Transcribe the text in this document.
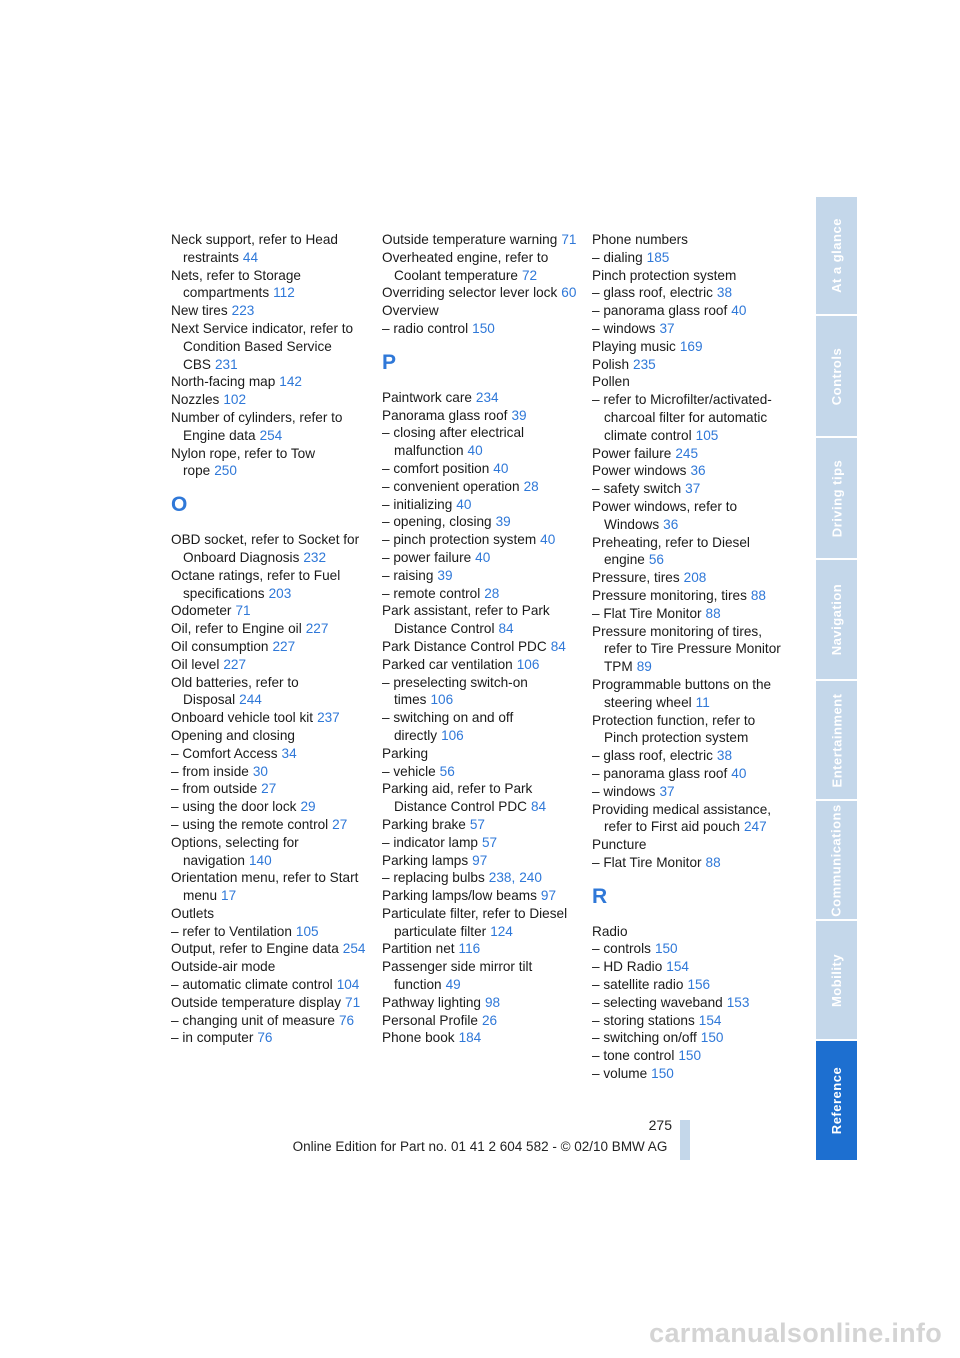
Neck support, refer to Head restraints 44
Nets, refer to Storage compartments 112
New tires 223
Next Service indicator, refer to Condition Based Service CBS 231
North-facing map 142
Nozzles 102
Number of cylinders, refer to Engine data 254
Nylon rope, refer to Tow rope 250
O
OBD socket, refer to Socket for Onboard Diagnosis 232
Octane ratings, refer to Fuel specifications 203
Odometer 71
Oil, refer to Engine oil 227
Oil consumption 227
Oil level 227
Old batteries, refer to Disposal 244
Onboard vehicle tool kit 237
Opening and closing
– Comfort Access 34
– from inside 30
– from outside 27
– using the door lock 29
– using the remote control 27
Options, selecting for navigation 140
Orientation menu, refer to Start menu 17
Outlets
– refer to Ventilation 105
Output, refer to Engine data 254
Outside-air mode
– automatic climate control 104
Outside temperature display 71
– changing unit of measure 76
– in computer 76
Outside temperature warning 71
Overheated engine, refer to Coolant temperature 72
Overriding selector lever lock 60
Overview
– radio control 150
P
Paintwork care 234
Panorama glass roof 39
– closing after electrical malfunction 40
– comfort position 40
– convenient operation 28
– initializing 40
– opening, closing 39
– pinch protection system 40
– power failure 40
– raising 39
– remote control 28
Park assistant, refer to Park Distance Control 84
Park Distance Control PDC 84
Parked car ventilation 106
– preselecting switch-on times 106
– switching on and off directly 106
Parking
– vehicle 56
Parking aid, refer to Park Distance Control PDC 84
Parking brake 57
– indicator lamp 57
Parking lamps 97
– replacing bulbs 238, 240
Parking lamps/low beams 97
Particulate filter, refer to Diesel particulate filter 124
Partition net 116
Passenger side mirror tilt function 49
Pathway lighting 98
Personal Profile 26
Phone book 184
Phone numbers
– dialing 185
Pinch protection system
– glass roof, electric 38
– panorama glass roof 40
– windows 37
Playing music 169
Polish 235
Pollen
– refer to Microfilter/activated-charcoal filter for automatic climate control 105
Power failure 245
Power windows 36
– safety switch 37
Power windows, refer to Windows 36
Preheating, refer to Diesel engine 56
Pressure, tires 208
Pressure monitoring, tires 88
– Flat Tire Monitor 88
Pressure monitoring of tires, refer to Tire Pressure Monitor TPM 89
Programmable buttons on the steering wheel 11
Protection function, refer to Pinch protection system
– glass roof, electric 38
– panorama glass roof 40
– windows 37
Providing medical assistance, refer to First aid pouch 247
Puncture
– Flat Tire Monitor 88
R
Radio
– controls 150
– HD Radio 154
– satellite radio 156
– selecting waveband 153
– storing stations 154
– switching on/off 150
– tone control 150
– volume 150
At a glance
Controls
Driving tips
Navigation
Entertainment
Communications
Mobility
Reference
275
Online Edition for Part no. 01 41 2 604 582 - © 02/10 BMW AG
carmanualsonline.info
